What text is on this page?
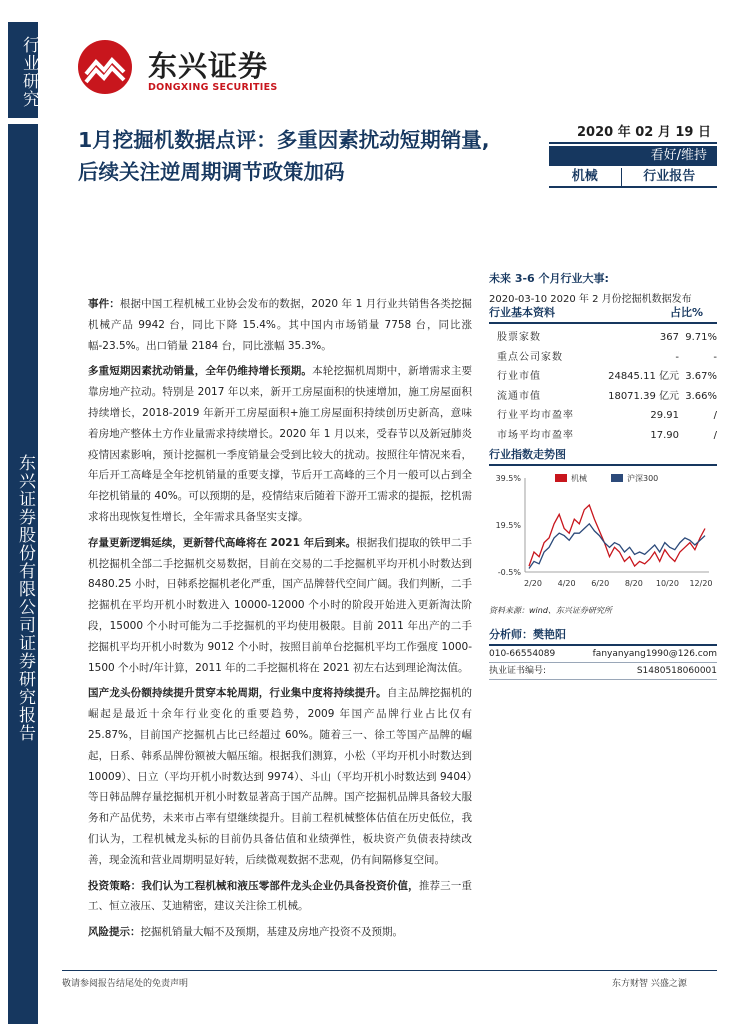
行业研究
东兴证券股份有限公司证券研究报告
东兴证券
DONGXING SECURITIES
1月挖掘机数据点评：多重因素扰动短期销量,后续关注逆周期调节政策加码
2020 年 02 月 19 日
看好/维持
机械	行业报告

事件：根据中国工程机械工业协会发布的数据，2020 年 1 月行业共销售各类挖掘机械产品 9942 台，同比下降 15.4%。其中国内市场销量 7758 台，同比涨幅-23.5%。出口销量 2184 台，同比涨幅 35.3%。

多重短期因素扰动销量，全年仍维持增长预期。本轮挖掘机周期中，新增需求主要靠房地产拉动。特别是 2017 年以来，新开工房屋面积的快速增加，施工房屋面积持续增长，2018-2019 年新开工房屋面积+施工房屋面积持续创历史新高，意味着房地产整体土方作业量需求持续增长。2020 年 1 月以来，受春节以及新冠肺炎疫情因素影响，预计挖掘机一季度销量会受到比较大的扰动。按照往年情况来看，年后开工高峰是全年挖机销量的重要支撑，节后开工高峰的三个月一般可以占到全年挖机销量的 40%。可以预期的是，疫情结束后随着下游开工需求的提振，挖机需求将出现恢复性增长，全年需求具备坚实支撑。

存量更新逻辑延续，更新替代高峰将在 2021 年后到来。根据我们提取的铁甲二手机挖掘机全部二手挖掘机交易数据，目前在交易的二手挖掘机平均开机小时数达到 8480.25 小时，日韩系挖掘机老化严重，国产品牌替代空间广阔。我们判断，二手挖掘机在平均开机小时数进入 10000-12000 个小时的阶段开始进入更新淘汰阶段，15000 个小时可能为二手挖掘机的平均使用极限。目前 2011 年出产的二手挖掘机平均开机小时数为 9012 个小时，按照目前单台挖掘机平均工作强度 1000-1500 个小时/年计算，2011 年的二手挖掘机将在 2021 初左右达到理论淘汰值。

国产龙头份额持续提升贯穿本轮周期，行业集中度将持续提升。自主品牌挖掘机的崛起是最近十余年行业变化的重要趋势，2009 年国产品牌行业占比仅有 25.87%，目前国产挖掘机占比已经超过 60%。随着三一、徐工等国产品牌的崛起，日系、韩系品牌份额被大幅压缩。根据我们测算，小松（平均开机小时数达到 10009）、日立（平均开机小时数达到 9974）、斗山（平均开机小时数达到 9404）等日韩品牌存量挖掘机开机小时数显著高于国产品牌。国产挖掘机品牌具备较大服务和产品优势，未来市占率有望继续提升。目前工程机械整体估值在历史低位，我们认为，工程机械龙头标的目前仍具备估值和业绩弹性，板块资产负债表持续改善，现金流和营业周期明显好转，后续微观数据不悲观，仍有间隔修复空间。

投资策略：我们认为工程机械和液压零部件龙头企业仍具备投资价值，推荐三一重工、恒立液压、艾迪精密，建议关注徐工机械。

风险提示：挖掘机销量大幅不及预期，基建及房地产投资不及预期。

未来 3-6 个月行业大事:
2020-03-10 2020 年 2 月份挖掘机数据发布
行业基本资料	占比%
股票家数	367 9.71%
重点公司家数	-	-
行业市值	24845.11 亿元 3.67%
流通市值	18071.39 亿元 3.66%
行业平均市盈率	29.91	/
市场平均市盈率	17.90	/
行业指数走势图
39.5%
19.5%
-0.5%
2/20 4/20 6/20 8/20 10/20 12/20
机械	沪深300
资料来源：wind、东兴证券研究所
分析师：樊艳阳
010-66554089	fanyanyang1990@126.com
执业证书编号:	S1480518060001
敬请参阅报告结尾处的免责声明	东方财智 兴盛之源
